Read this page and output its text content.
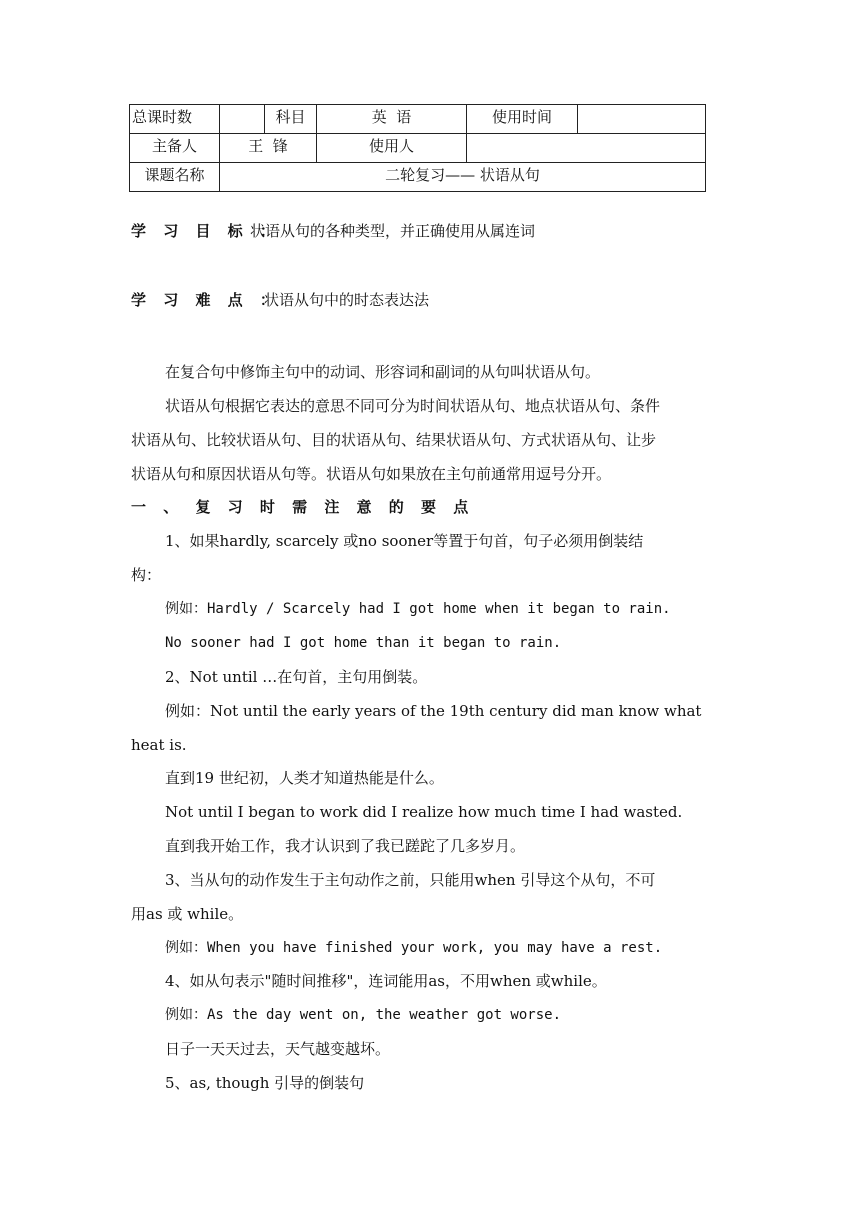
总课时数		科目	英  语	使用时间	
主备人	王  锋		使用人		
课题名称	二轮复习—— 状语从句				
学 习 目 标 ：
状语从句的各种类型，并正确使用从属连词
学 习 难 点 ：
状语从句中的时态表达法
在复合句中修饰主句中的动词、形容词和副词的从句叫状语从句。
状语从句根据它表达的意思不同可分为时间状语从句、地点状语从句、条件
状语从句、比较状语从句、目的状语从句、结果状语从句、方式状语从句、让步
状语从句和原因状语从句等。状语从句如果放在主句前通常用逗号分开。
一 、 复 习 时 需 注 意 的 要 点
1、如果hardly, scarcely 或no sooner等置于句首，句子必须用倒装结
构：
例如：Hardly / Scarcely had I got home when it began to rain.
No sooner had I got home than it began to rain.
2、Not until …在句首，主句用倒装。
例如：Not until the early years of the 19th century did man know what
heat is.
直到19 世纪初，人类才知道热能是什么。
Not until I began to work did I realize how much time I had wasted.
直到我开始工作，我才认识到了我已蹉跎了几多岁月。
3、当从句的动作发生于主句动作之前，只能用when 引导这个从句，不可
用as 或 while。
例如：When you have finished your work, you may have a rest.
4、如从句表示"随时间推移"，连词能用as，不用when 或while。
例如：As the day went on, the weather got worse.
日子一天天过去，天气越变越坏。
5、as, though 引导的倒装句
